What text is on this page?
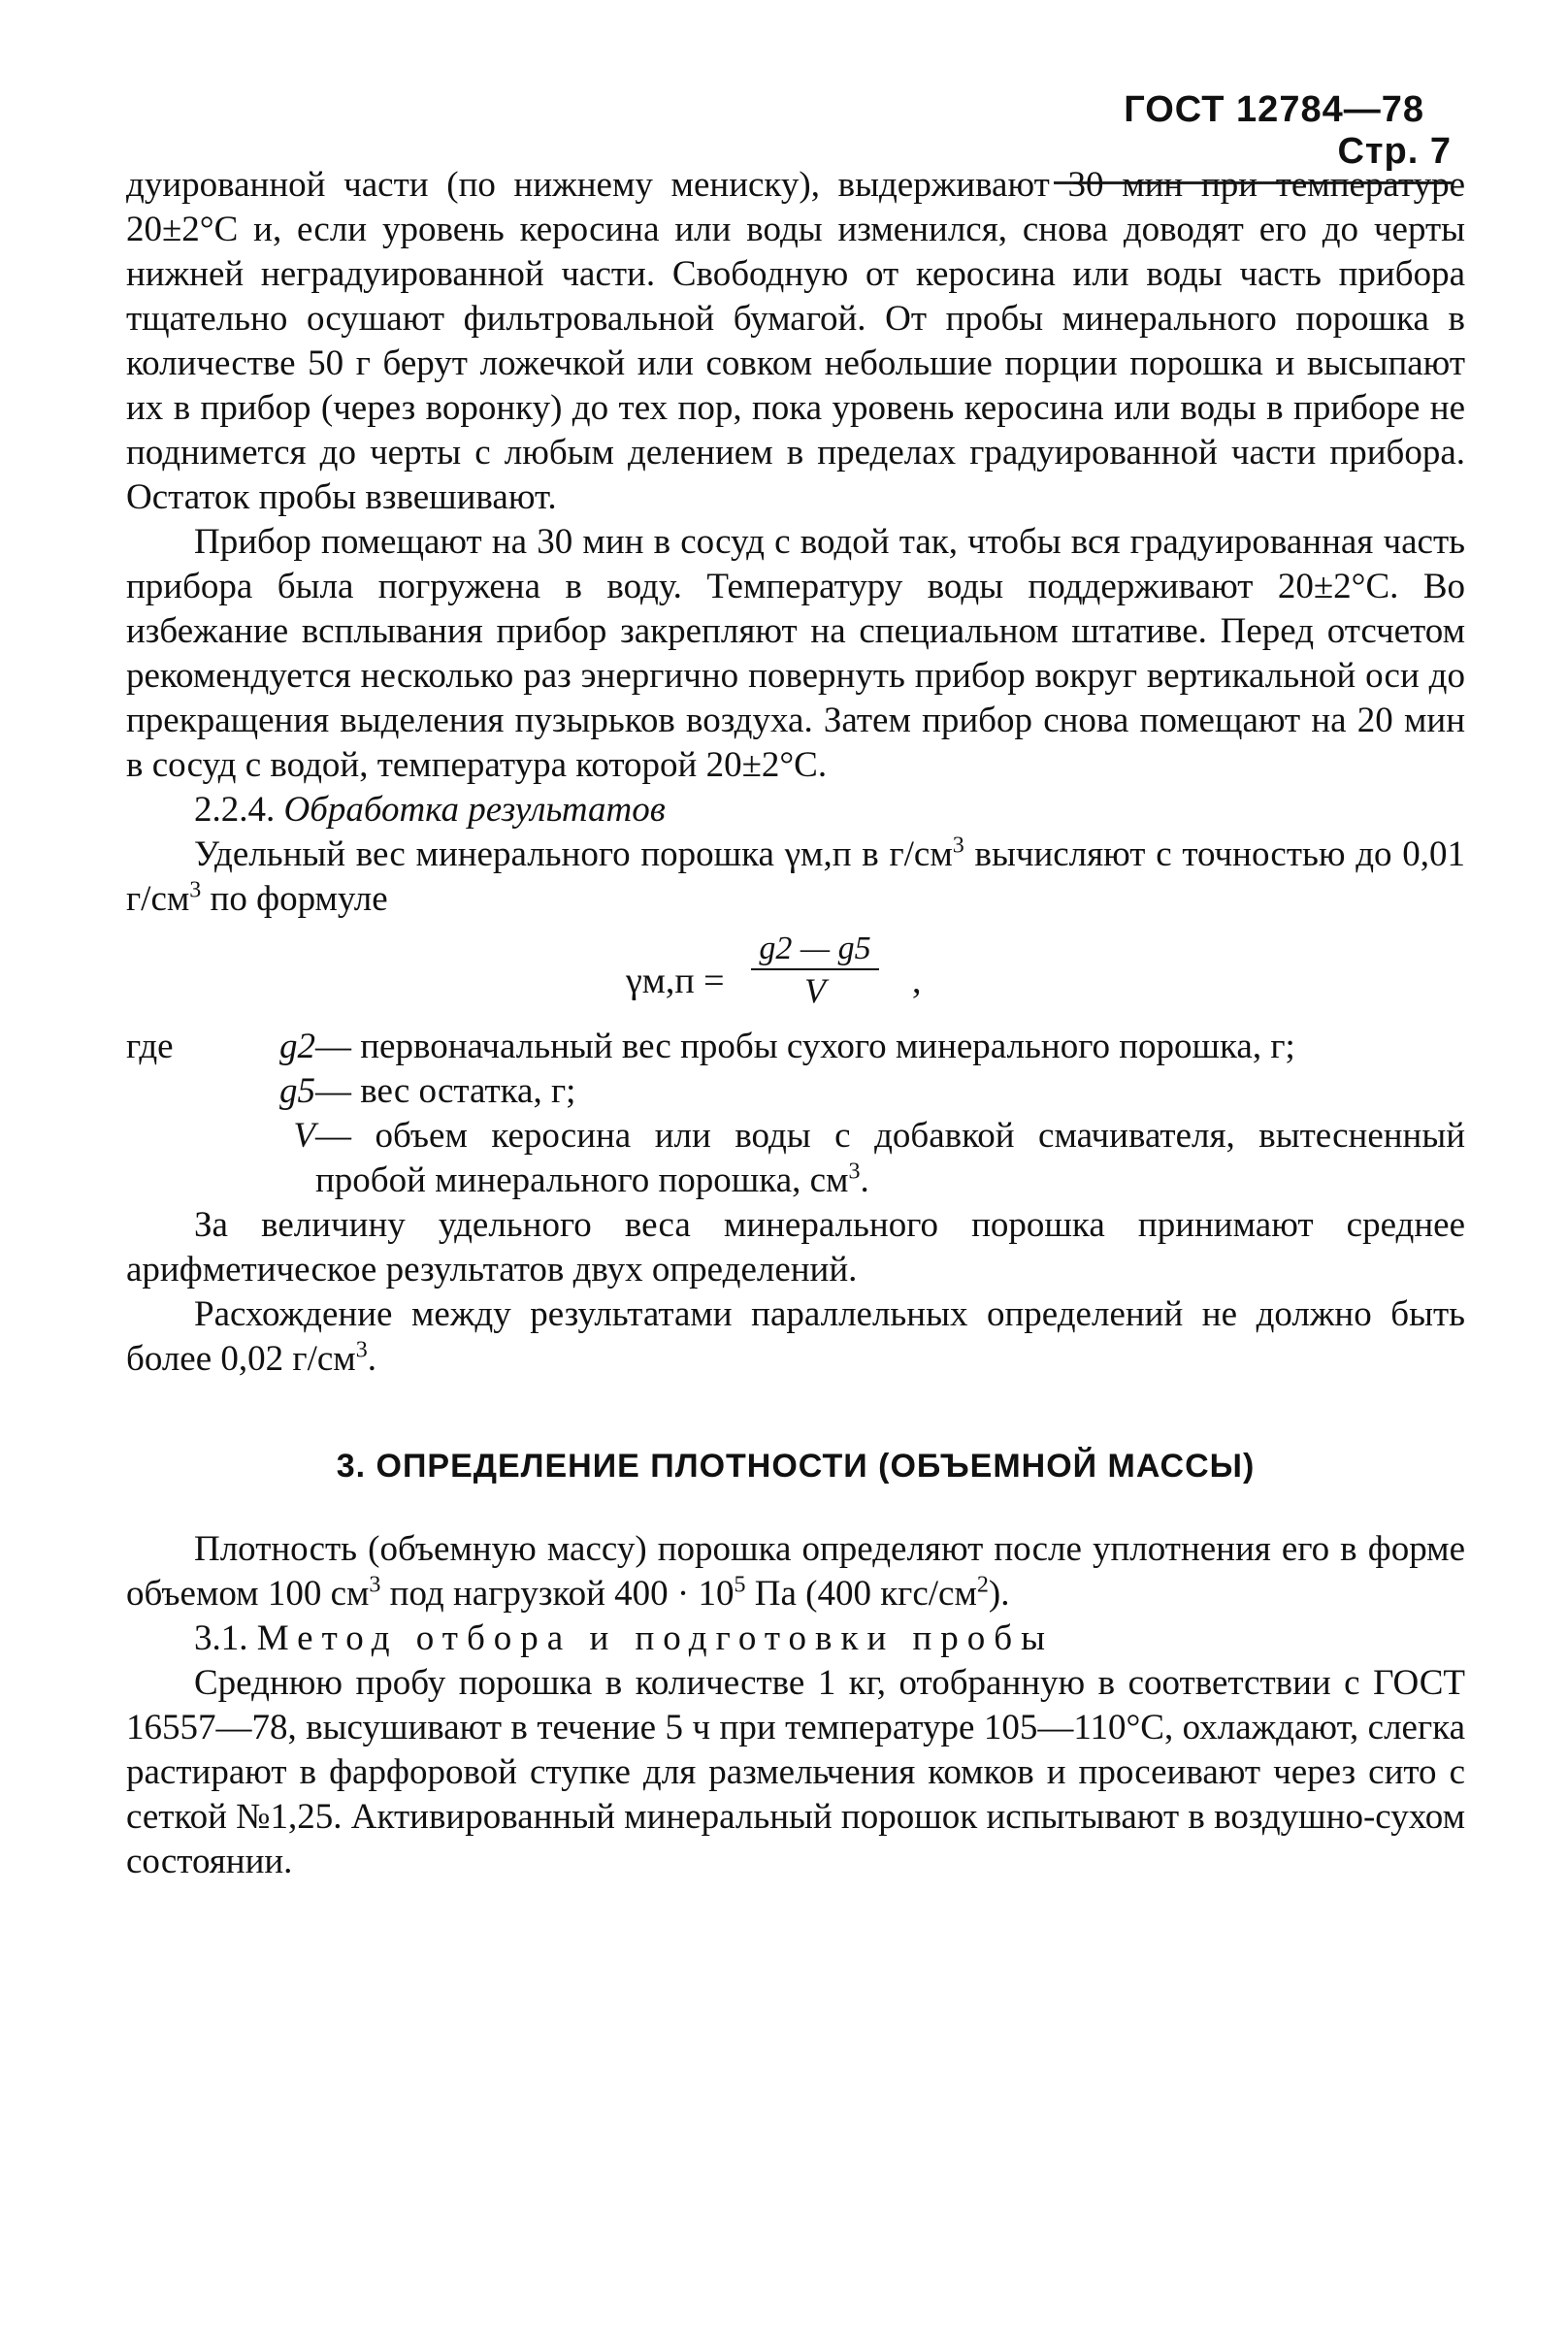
ГОСТ 12784—78Стр. 7

дуированной части (по нижнему мениску), выдерживают 30 мин при температуре 20±2°С и, если уровень керосина или воды изменился, снова доводят его до черты нижней неградуированной части. Свободную от керосина или воды часть прибора тщательно осушают фильтровальной бумагой. От пробы минерального порошка в количестве 50 г берут ложечкой или совком небольшие порции порошка и высыпают их в прибор (через воронку) до тех пор, пока уровень керосина или воды в приборе не поднимется до черты с любым делением в пределах градуированной части прибора. Остаток пробы взвешивают.

Прибор помещают на 30 мин в сосуд с водой так, чтобы вся градуированная часть прибора была погружена в воду. Температуру воды поддерживают 20±2°С. Во избежание всплывания прибор закрепляют на специальном штативе. Перед отсчетом рекомендуется несколько раз энергично повернуть прибор вокруг вертикальной оси до прекращения выделения пузырьков воздуха. Затем прибор снова помещают на 20 мин в сосуд с водой, температура которой 20±2°С.

2.2.4. Обработка результатов

Удельный вес минерального порошка γм,п в $г/см^3$ вычисляют с точностью до 0,01 $г/см^3$ по формуле

γм,п =
g2 — g5
V	,
где	g2 — первоначальный вес пробы сухого минерального порошка, г;
g5 — вес остатка, г;
V — объем керосина или воды с добавкой смачивателя, вытесненный пробой минерального порошка, $см^3$.

За величину удельного веса минерального порошка принимают среднее арифметическое результатов двух определений.

Расхождение между результатами параллельных определений не должно быть более 0,02 $г/см^3$.

3. ОПРЕДЕЛЕНИЕ ПЛОТНОСТИ (ОБЪЕМНОЙ МАССЫ)

Плотность (объемную массу) порошка определяют после уплотнения его в форме объемом 100 $см^3$ под нагрузкой $400 \cdot 10^5$ Па (400 кгс/$см^2$).

3.1. Метод отбора и подготовки пробы

Среднюю пробу порошка в количестве 1 кг, отобранную в соответствии с ГОСТ 16557—78, высушивают в течение 5 ч при температуре 105—110°С, охлаждают, слегка растирают в фарфоровой ступке для размельчения комков и просеивают через сито с сеткой №1,25. Активированный минеральный порошок испытывают в воздушно-сухом состоянии.
